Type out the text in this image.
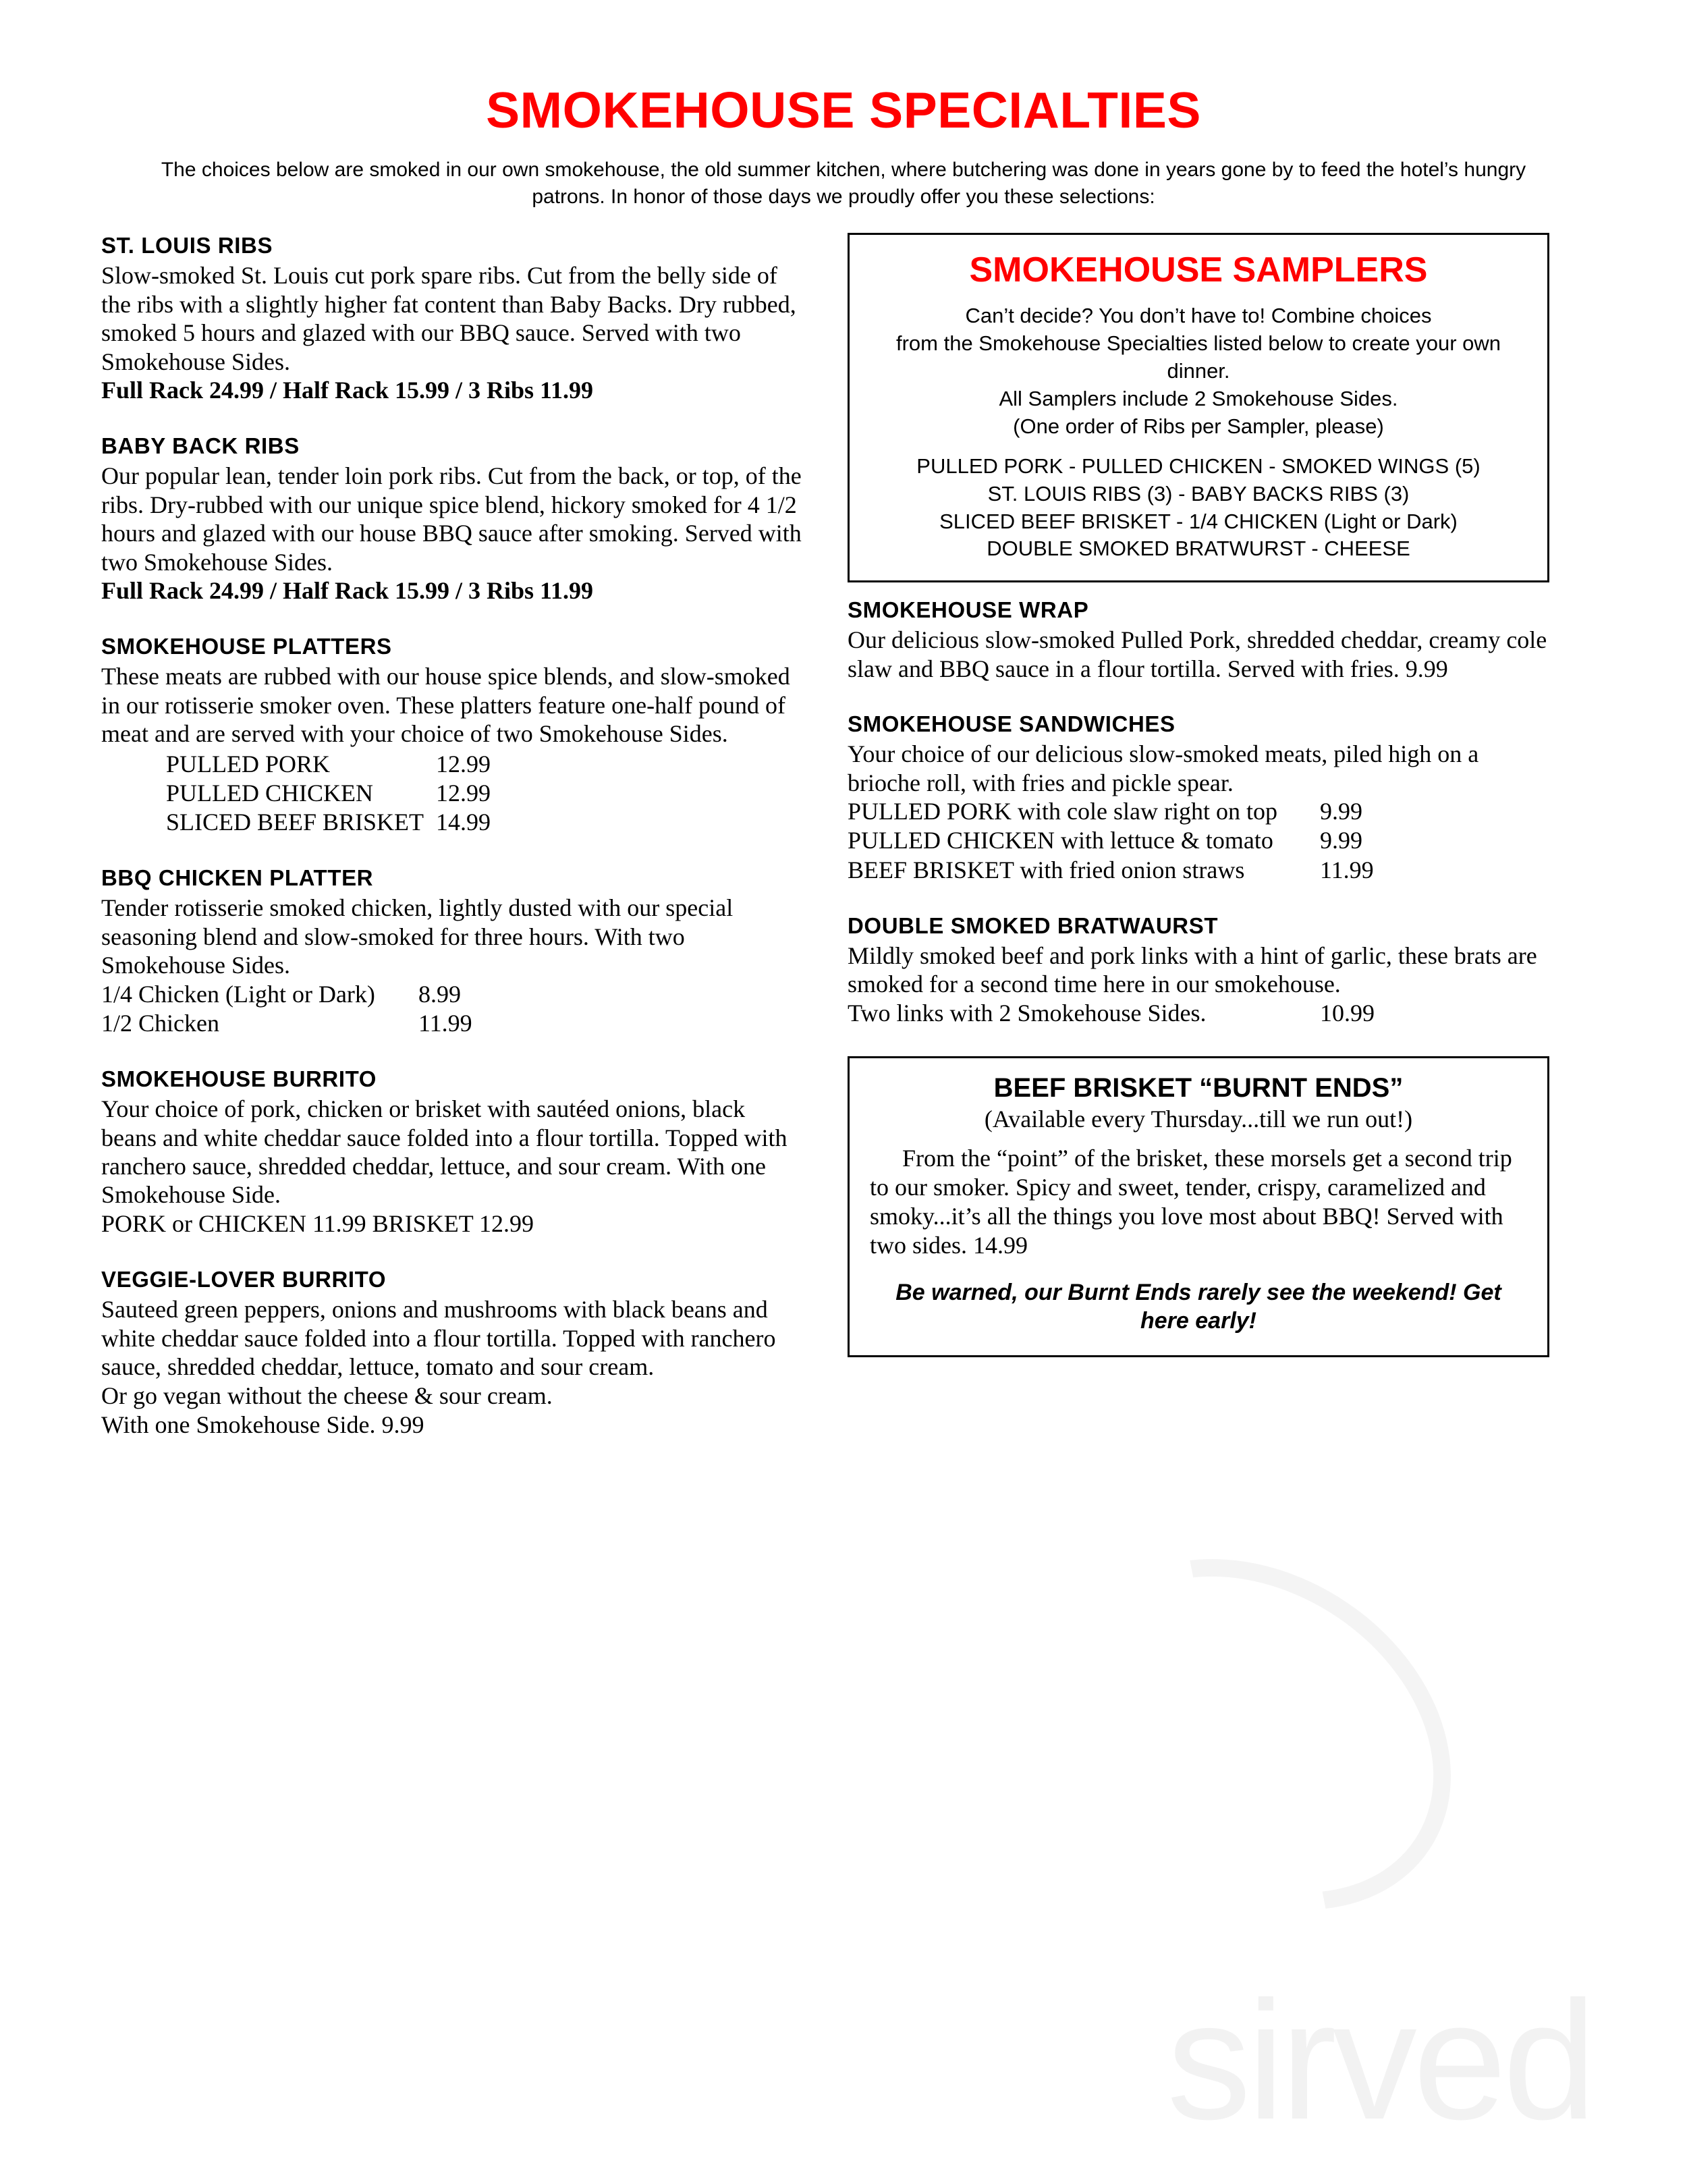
sirved
SMOKEHOUSE SPECIALTIES

The choices below are smoked in our own smokehouse, the old summer kitchen, where butchering was done in years gone by to feed the hotel’s hungry patrons. In honor of those days we proudly offer you these selections:

ST. LOUIS RIBS

Slow-smoked St. Louis cut pork spare ribs. Cut from the belly side of the ribs with a slightly higher fat content than Baby Backs. Dry rubbed, smoked 5 hours and glazed with our BBQ sauce. Served with two Smokehouse Sides.

Full Rack 24.99 / Half Rack 15.99 / 3 Ribs 11.99

BABY BACK RIBS

Our popular lean, tender loin pork ribs. Cut from the back, or top, of the ribs. Dry-rubbed with our unique spice blend, hickory smoked for 4 1/2 hours and glazed with our house BBQ sauce after smoking. Served with two Smokehouse Sides.

Full Rack 24.99 / Half Rack 15.99 / 3 Ribs 11.99

SMOKEHOUSE PLATTERS

These meats are rubbed with our house spice blends, and slow-smoked in our rotisserie smoker oven. These platters feature one-half pound of meat and are served with your choice of two Smokehouse Sides.

PULLED PORK	12.99
PULLED CHICKEN	12.99
SLICED BEEF BRISKET	14.99
BBQ CHICKEN PLATTER

Tender rotisserie smoked chicken, lightly dusted with our special seasoning blend and slow-smoked for three hours. With two Smokehouse Sides.

1/4 Chicken (Light or Dark)	8.99
1/2 Chicken	11.99
SMOKEHOUSE BURRITO

Your choice of pork, chicken or brisket with sautéed onions, black beans and white cheddar sauce folded into a flour tortilla. Topped with ranchero sauce, shredded cheddar, lettuce, and sour cream. With one Smokehouse Side.

PORK or CHICKEN 11.99 BRISKET 12.99

VEGGIE-LOVER BURRITO

Sauteed green peppers, onions and mushrooms with black beans and white cheddar sauce folded into a flour tortilla. Topped with ranchero sauce, shredded cheddar, lettuce, tomato and sour cream.

Or go vegan without the cheese & sour cream.

With one Smokehouse Side. 9.99

SMOKEHOUSE SAMPLERS

Can’t decide? You don’t have to! Combine choices

from the Smokehouse Specialties listed below to create your own dinner.

All Samplers include 2 Smokehouse Sides.

(One order of Ribs per Sampler, please)

PULLED PORK - PULLED CHICKEN - SMOKED WINGS (5)

ST. LOUIS RIBS (3) - BABY BACKS RIBS (3)

SLICED BEEF BRISKET - 1/4 CHICKEN (Light or Dark)

DOUBLE SMOKED BRATWURST - CHEESE

SMOKEHOUSE WRAP

Our delicious slow-smoked Pulled Pork, shredded cheddar, creamy cole slaw and BBQ sauce in a flour tortilla. Served with fries. 9.99

SMOKEHOUSE SANDWICHES

Your choice of our delicious slow-smoked meats, piled high on a brioche roll, with fries and pickle spear.

PULLED PORK with cole slaw right on top	9.99
PULLED CHICKEN with lettuce & tomato	9.99
BEEF BRISKET with fried onion straws	11.99
DOUBLE SMOKED BRATWAURST

Mildly smoked beef and pork links with a hint of garlic, these brats are smoked for a second time here in our smokehouse.

Two links with 2 Smokehouse Sides.	10.99
BEEF BRISKET “BURNT ENDS”
(Available every Thursday...till we run out!)

From the “point” of the brisket, these morsels get a second trip to our smoker. Spicy and sweet, tender, crispy, caramelized and smoky...it’s all the things you love most about BBQ! Served with two sides. 14.99

Be warned, our Burnt Ends rarely see the weekend! Get here early!
